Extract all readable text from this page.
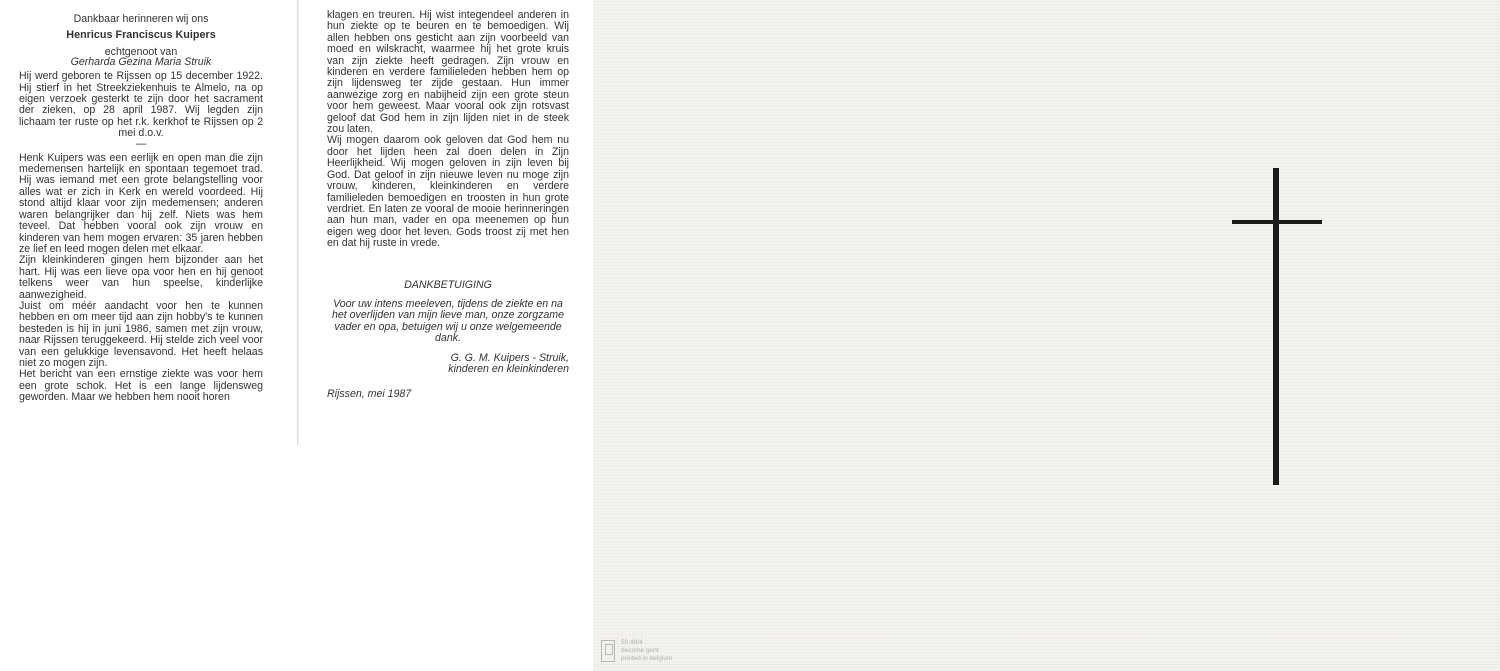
Dankbaar herinneren wij ons

Henricus Franciscus Kuipers

echtgenoot van

Gerharda Gezina Maria Struik

Hij werd geboren te Rijssen op 15 december 1922. Hij stierf in het Streekziekenhuis te Almelo, na op eigen verzoek gesterkt te zijn door het sacrament der zieken, op 28 april 1987. Wij legden zijn lichaam ter ruste op het r.k. kerkhof te Rijssen op 2 mei d.o.v.

—

Henk Kuipers was een eerlijk en open man die zijn medemensen hartelijk en spontaan tegemoet trad. Hij was iemand met een grote belangstelling voor alles wat er zich in Kerk en wereld voordeed. Hij stond altijd klaar voor zijn medemensen; anderen waren belangrijker dan hij zelf. Niets was hem teveel. Dat hebben vooral ook zijn vrouw en kinderen van hem mogen ervaren: 35 jaren hebben ze lief en leed mogen delen met elkaar.

Zijn kleinkinderen gingen hem bijzonder aan het hart. Hij was een lieve opa voor hen en hij genoot telkens weer van hun speelse, kinderlijke aanwezigheid.

Juist om méér aandacht voor hen te kunnen hebben en om meer tijd aan zijn hobby's te kunnen besteden is hij in juni 1986, samen met zijn vrouw, naar Rijssen teruggekeerd. Hij stelde zich veel voor van een gelukkige levensavond. Het heeft helaas niet zo mogen zijn.

Het bericht van een ernstige ziekte was voor hem een grote schok. Het is een lange lijdensweg geworden. Maar we hebben hem nooit horen

klagen en treuren. Hij wist integendeel anderen in hun ziekte op te beuren en te bemoedigen. Wij allen hebben ons gesticht aan zijn voorbeeld van moed en wilskracht, waarmee hij het grote kruis van zijn ziekte heeft gedragen. Zijn vrouw en kinderen en verdere familieleden hebben hem op zijn lijdensweg ter zijde gestaan. Hun immer aanwezige zorg en nabijheid zijn een grote steun voor hem geweest. Maar vooral ook zijn rotsvast geloof dat God hem in zijn lijden niet in de steek zou laten.

Wij mogen daarom ook geloven dat God hem nu door het lijden heen zal doen delen in Zijn Heerlijkheid. Wij mogen geloven in zijn leven bij God. Dat geloof in zijn nieuwe leven nu moge zijn vrouw, kinderen, kleinkinderen en verdere familieleden bemoedigen en troosten in hun grote verdriet. En laten ze vooral de mooie herinneringen aan hun man, vader en opa meenemen op hun eigen weg door het leven. Gods troost zij met hen en dat hij ruste in vrede.

DANKBETUIGING

Voor uw intens meeleven, tijdens de ziekte en na het overlijden van mijn lieve man, onze zorgzame vader en opa, betuigen wij u onze welgemeende dank.

G. G. M. Kuipers - Struik,
kinderen en kleinkinderen

Rijssen, mei 1987

50.48/4
decome gent
printed in belgium
